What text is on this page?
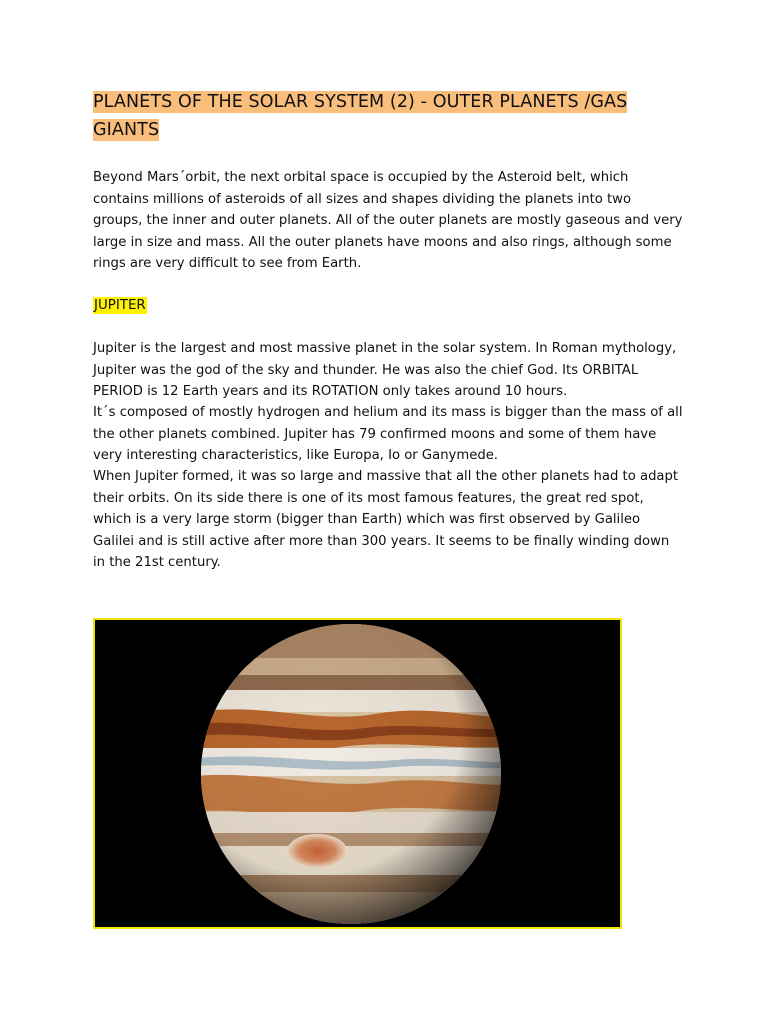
PLANETS OF THE SOLAR SYSTEM (2) - OUTER PLANETS /GAS GIANTS

Beyond Mars´orbit, the next orbital space is occupied by the Asteroid belt, which contains millions of asteroids of all sizes and shapes dividing the planets into two groups, the inner and outer planets. All of the outer planets are mostly gaseous and very large in size and mass. All the outer planets have moons and also rings, although some rings are very difficult to see from Earth.

JUPITER

Jupiter is the largest and most massive planet in the solar system. In Roman mythology, Jupiter was the god of the sky and thunder. He was also the chief God. Its ORBITAL PERIOD is 12 Earth years and its ROTATION only takes around 10 hours.

It´s composed of mostly hydrogen and helium and its mass is bigger than the mass of all the other planets combined. Jupiter has 79 confirmed moons and some of them have very interesting characteristics, like Europa, Io or Ganymede.

When Jupiter formed, it was so large and massive that all the other planets had to adapt their orbits. On its side there is one of its most famous features, the great red spot, which is a very large storm (bigger than Earth) which was first observed by Galileo Galilei and is still active after more than 300 years. It seems to be finally winding down in the 21st century.
